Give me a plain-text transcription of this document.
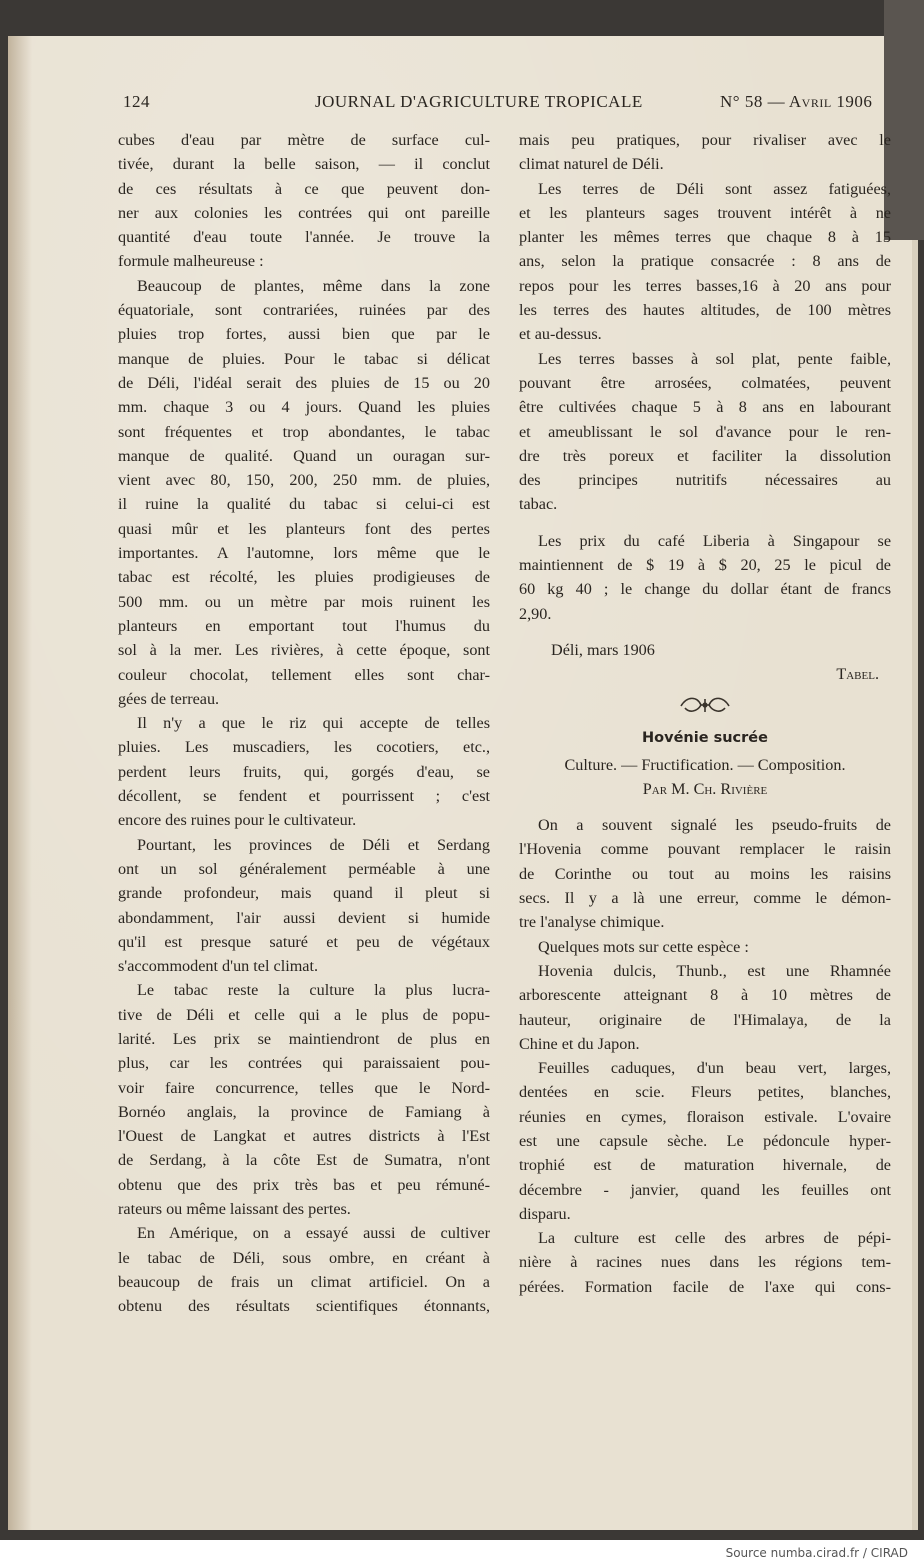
124	JOURNAL D'AGRICULTURE TROPICALE	N° 58 — Avril 1906
cubes d'eau par mètre de surface cul-
tivée, durant la belle saison, — il conclut
de ces résultats à ce que peuvent don-
ner aux colonies les contrées qui ont pareille
quantité d'eau toute l'année. Je trouve la
formule malheureuse :
Beaucoup de plantes, même dans la zone
équatoriale, sont contrariées, ruinées par des
pluies trop fortes, aussi bien que par le
manque de pluies. Pour le tabac si délicat
de Déli, l'idéal serait des pluies de 15 ou 20
mm. chaque 3 ou 4 jours. Quand les pluies
sont fréquentes et trop abondantes, le tabac
manque de qualité. Quand un ouragan sur-
vient avec 80, 150, 200, 250 mm. de pluies,
il ruine la qualité du tabac si celui-ci est
quasi mûr et les planteurs font des pertes
importantes. A l'automne, lors même que le
tabac est récolté, les pluies prodigieuses de
500 mm. ou un mètre par mois ruinent les
planteurs en emportant tout l'humus du
sol à la mer. Les rivières, à cette époque, sont
couleur chocolat, tellement elles sont char-
gées de terreau.
Il n'y a que le riz qui accepte de telles
pluies. Les muscadiers, les cocotiers, etc.,
perdent leurs fruits, qui, gorgés d'eau, se
décollent, se fendent et pourrissent ; c'est
encore des ruines pour le cultivateur.
Pourtant, les provinces de Déli et Serdang
ont un sol généralement perméable à une
grande profondeur, mais quand il pleut si
abondamment, l'air aussi devient si humide
qu'il est presque saturé et peu de végétaux
s'accommodent d'un tel climat.
Le tabac reste la culture la plus lucra-
tive de Déli et celle qui a le plus de popu-
larité. Les prix se maintiendront de plus en
plus, car les contrées qui paraissaient pou-
voir faire concurrence, telles que le Nord-
Bornéo anglais, la province de Famiang à
l'Ouest de Langkat et autres districts à l'Est
de Serdang, à la côte Est de Sumatra, n'ont
obtenu que des prix très bas et peu rémuné-
rateurs ou même laissant des pertes.
En Amérique, on a essayé aussi de cultiver
le tabac de Déli, sous ombre, en créant à
beaucoup de frais un climat artificiel. On a
obtenu des résultats scientifiques étonnants,
mais peu pratiques, pour rivaliser avec le
climat naturel de Déli.
Les terres de Déli sont assez fatiguées,
et les planteurs sages trouvent intérêt à ne
planter les mêmes terres que chaque 8 à 15
ans, selon la pratique consacrée : 8 ans de
repos pour les terres basses,16 à 20 ans pour
les terres des hautes altitudes, de 100 mètres
et au-dessus.
Les terres basses à sol plat, pente faible,
pouvant être arrosées, colmatées, peuvent
être cultivées chaque 5 à 8 ans en labourant
et ameublissant le sol d'avance pour le ren-
dre très poreux et faciliter la dissolution
des principes nutritifs nécessaires au
tabac.
Les prix du café Liberia à Singapour se
maintiennent de $ 19 à $ 20, 25 le picul de
60 kg 40 ; le change du dollar étant de francs
2,90.
Déli, mars 1906
Tabel.
Hovénie sucrée
Culture. — Fructification. — Composition.
Par M. Ch. Rivière
On a souvent signalé les pseudo-fruits de
l'Hovenia comme pouvant remplacer le raisin
de Corinthe ou tout au moins les raisins
secs. Il y a là une erreur, comme le démon-
tre l'analyse chimique.
Quelques mots sur cette espèce :
Hovenia dulcis, Thunb., est une Rhamnée
arborescente atteignant 8 à 10 mètres de
hauteur, originaire de l'Himalaya, de la
Chine et du Japon.
Feuilles caduques, d'un beau vert, larges,
dentées en scie. Fleurs petites, blanches,
réunies en cymes, floraison estivale. L'ovaire
est une capsule sèche. Le pédoncule hyper-
trophié est de maturation hivernale, de
décembre - janvier, quand les feuilles ont
disparu.
La culture est celle des arbres de pépi-
nière à racines nues dans les régions tem-
pérées. Formation facile de l'axe qui cons-
Source numba.cirad.fr / CIRAD
